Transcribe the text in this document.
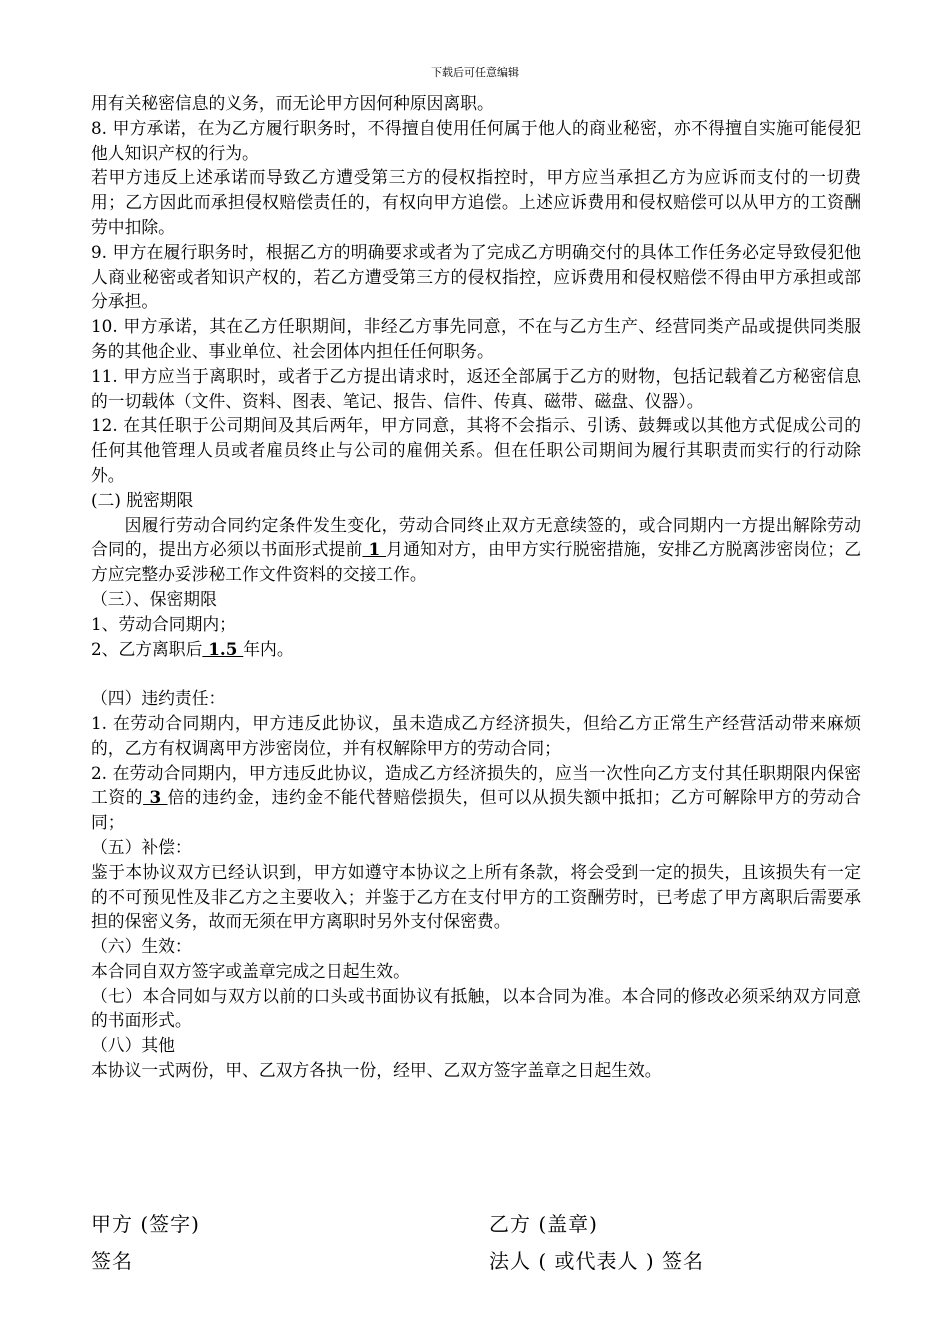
下载后可任意编辑

用有关秘密信息的义务，而无论甲方因何种原因离职。

8. 甲方承诺，在为乙方履行职务时，不得擅自使用任何属于他人的商业秘密，亦不得擅自实施可能侵犯他人知识产权的行为。

若甲方违反上述承诺而导致乙方遭受第三方的侵权指控时，甲方应当承担乙方为应诉而支付的一切费用；乙方因此而承担侵权赔偿责任的，有权向甲方追偿。上述应诉费用和侵权赔偿可以从甲方的工资酬劳中扣除。

9. 甲方在履行职务时，根据乙方的明确要求或者为了完成乙方明确交付的具体工作任务必定导致侵犯他人商业秘密或者知识产权的，若乙方遭受第三方的侵权指控，应诉费用和侵权赔偿不得由甲方承担或部分承担。

10. 甲方承诺，其在乙方任职期间，非经乙方事先同意，不在与乙方生产、经营同类产品或提供同类服务的其他企业、事业单位、社会团体内担任任何职务。

11. 甲方应当于离职时，或者于乙方提出请求时，返还全部属于乙方的财物，包括记载着乙方秘密信息的一切载体（文件、资料、图表、笔记、报告、信件、传真、磁带、磁盘、仪器）。

12. 在其任职于公司期间及其后两年，甲方同意，其将不会指示、引诱、鼓舞或以其他方式促成公司的任何其他管理人员或者雇员终止与公司的雇佣关系。但在任职公司期间为履行其职责而实行的行动除外。

(二) 脱密期限

因履行劳动合同约定条件发生变化，劳动合同终止双方无意续签的，或合同期内一方提出解除劳动合同的，提出方必须以书面形式提前 1 月通知对方，由甲方实行脱密措施，安排乙方脱离涉密岗位；乙方应完整办妥涉秘工作文件资料的交接工作。

（三）、保密期限

1、劳动合同期内；

2、乙方离职后 1.5 年内。

（四）违约责任：

1. 在劳动合同期内，甲方违反此协议，虽未造成乙方经济损失，但给乙方正常生产经营活动带来麻烦的，乙方有权调离甲方涉密岗位，并有权解除甲方的劳动合同；

2. 在劳动合同期内，甲方违反此协议，造成乙方经济损失的，应当一次性向乙方支付其任职期限内保密工资的 3 倍的违约金，违约金不能代替赔偿损失，但可以从损失额中抵扣；乙方可解除甲方的劳动合同；

（五）补偿：

鉴于本协议双方已经认识到，甲方如遵守本协议之上所有条款，将会受到一定的损失，且该损失有一定的不可预见性及非乙方之主要收入；并鉴于乙方在支付甲方的工资酬劳时，已考虑了甲方离职后需要承担的保密义务，故而无须在甲方离职时另外支付保密费。

（六）生效：

本合同自双方签字或盖章完成之日起生效。

（七）本合同如与双方以前的口头或书面协议有抵触，以本合同为准。本合同的修改必须采纳双方同意的书面形式。

（八）其他

本协议一式两份，甲、乙双方各执一份，经甲、乙双方签字盖章之日起生效。

甲方 (签字)	乙方 (盖章)
签名	法人 ( 或代表人 ) 签名
